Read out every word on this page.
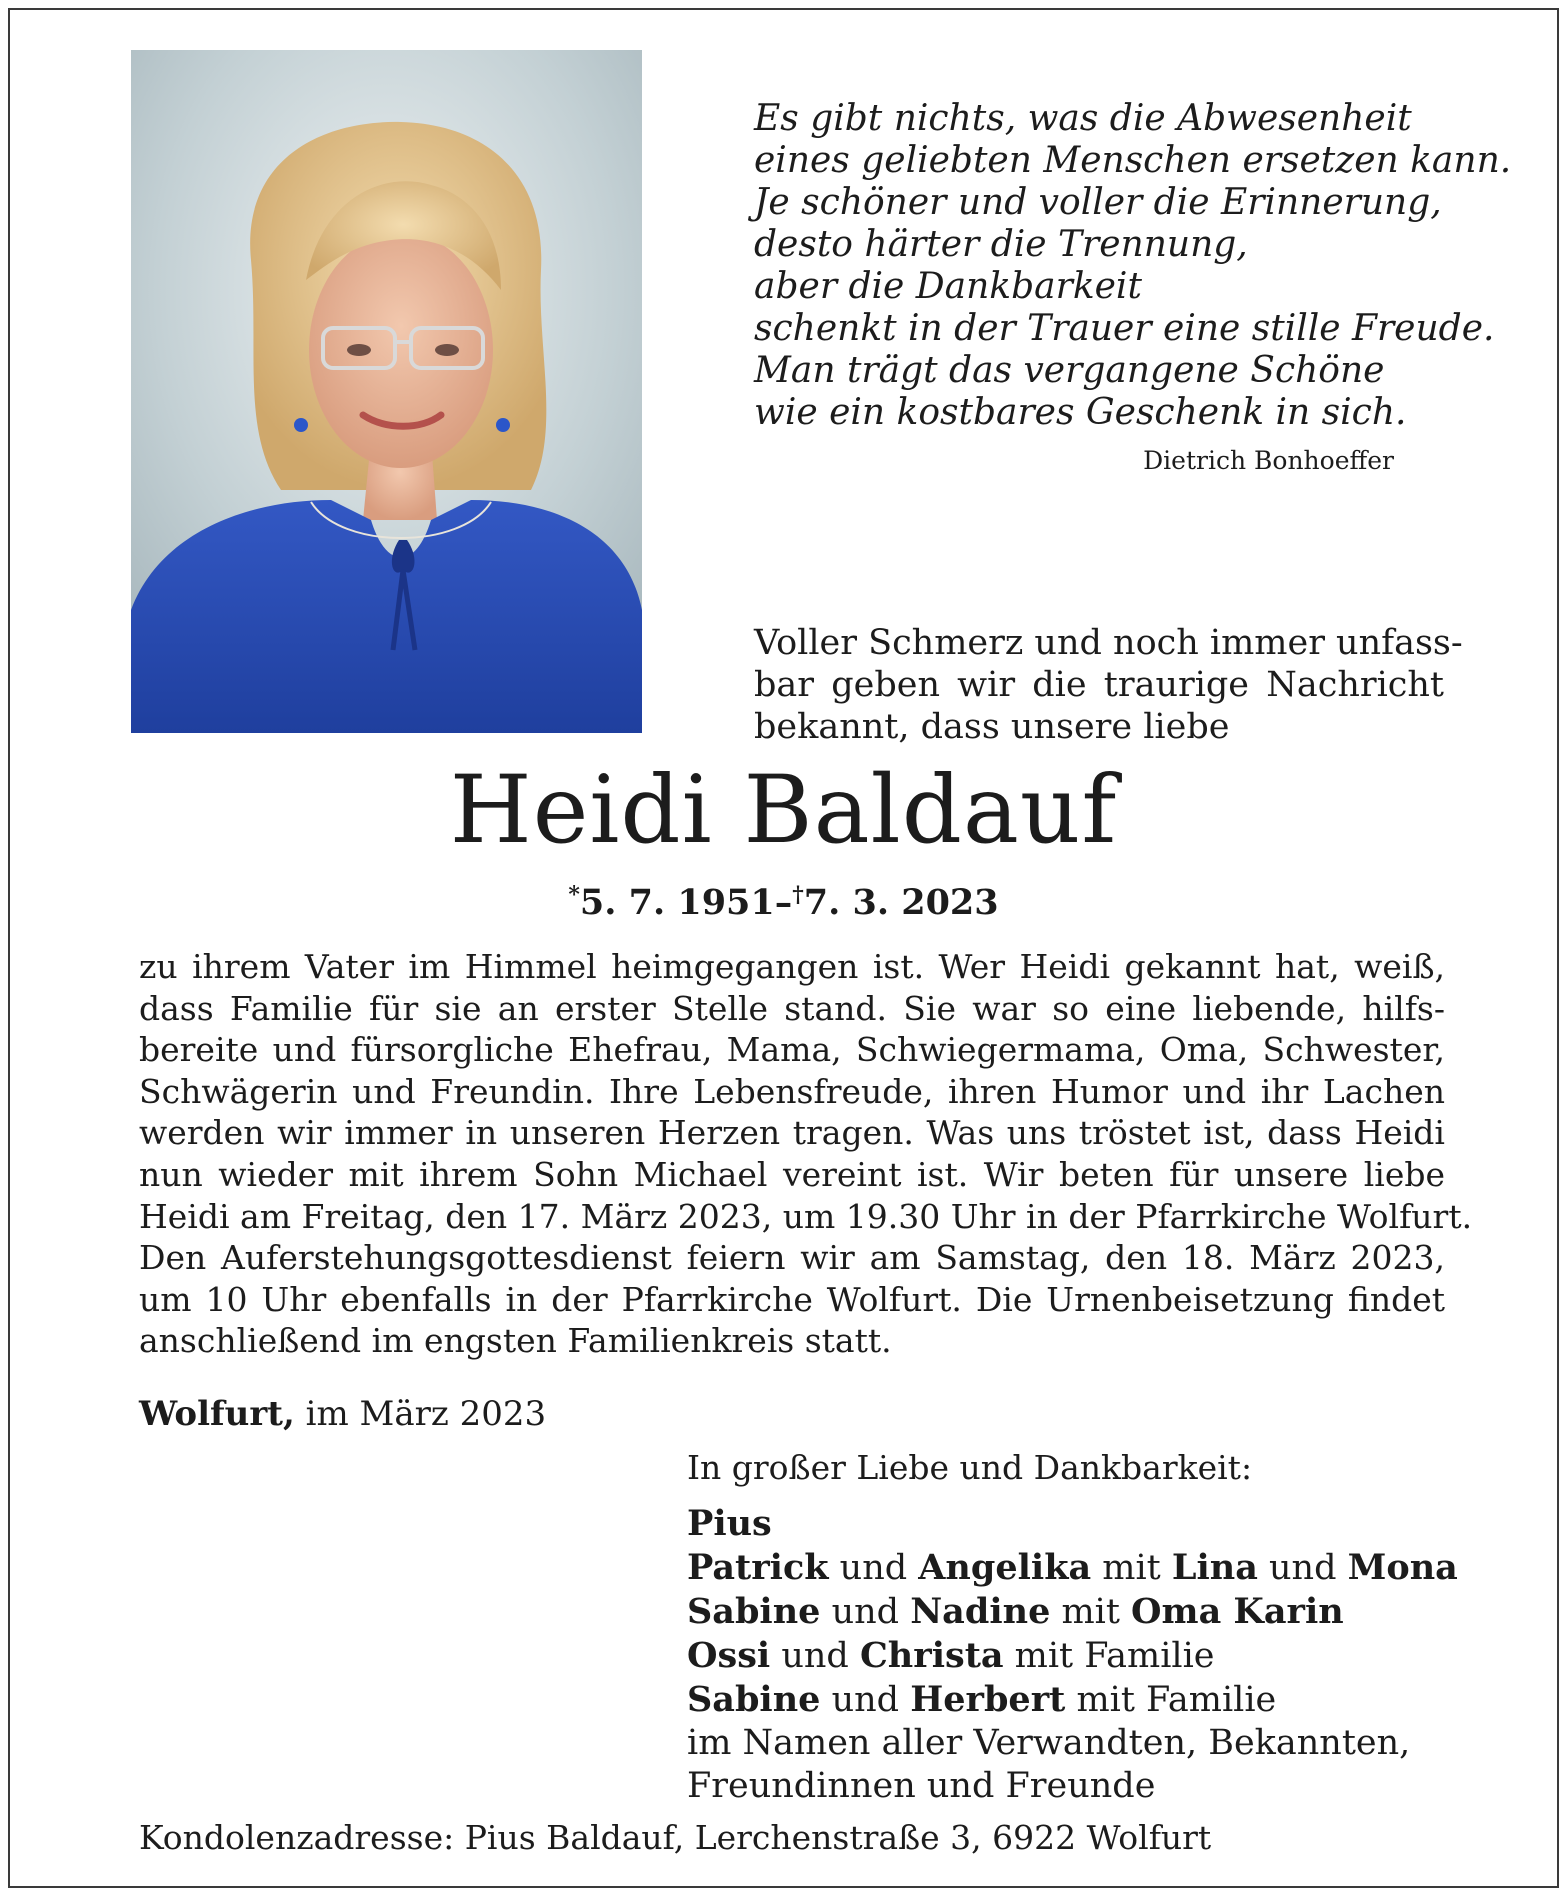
Es gibt nichts, was die Abwesenheit
eines geliebten Menschen ersetzen kann.
Je schöner und voller die Erinnerung,
desto härter die Trennung,
aber die Dankbarkeit
schenkt in der Trauer eine stille Freude.
Man trägt das vergangene Schöne
wie ein kostbares Geschenk in sich.
Dietrich Bonhoeffer
Voller Schmerz und noch immer unfass-
bar geben wir die traurige Nachricht
bekannt, dass unsere liebe
Heidi Baldauf
*5. 7. 1951–†7. 3. 2023
zu ihrem Vater im Himmel heimgegangen ist. Wer Heidi gekannt hat, weiß,
dass Familie für sie an erster Stelle stand. Sie war so eine liebende, hilfs-
bereite und fürsorgliche Ehefrau, Mama, Schwiegermama, Oma, Schwester,
Schwägerin und Freundin. Ihre Lebensfreude, ihren Humor und ihr Lachen
werden wir immer in unseren Herzen tragen. Was uns tröstet ist, dass Heidi
nun wieder mit ihrem Sohn Michael vereint ist. Wir beten für unsere liebe
Heidi am Freitag, den 17. März 2023, um 19.30 Uhr in der Pfarrkirche Wolfurt.
Den Auferstehungsgottesdienst feiern wir am Samstag, den 18. März 2023,
um 10 Uhr ebenfalls in der Pfarrkirche Wolfurt. Die Urnenbeisetzung findet
anschließend im engsten Familienkreis statt.
Wolfurt, im März 2023
In großer Liebe und Dankbarkeit:
Pius
Patrick und Angelika mit Lina und Mona
Sabine und Nadine mit Oma Karin
Ossi und Christa mit Familie
Sabine und Herbert mit Familie
im Namen aller Verwandten, Bekannten,
Freundinnen und Freunde
Kondolenzadresse: Pius Baldauf, Lerchenstraße 3, 6922 Wolfurt
